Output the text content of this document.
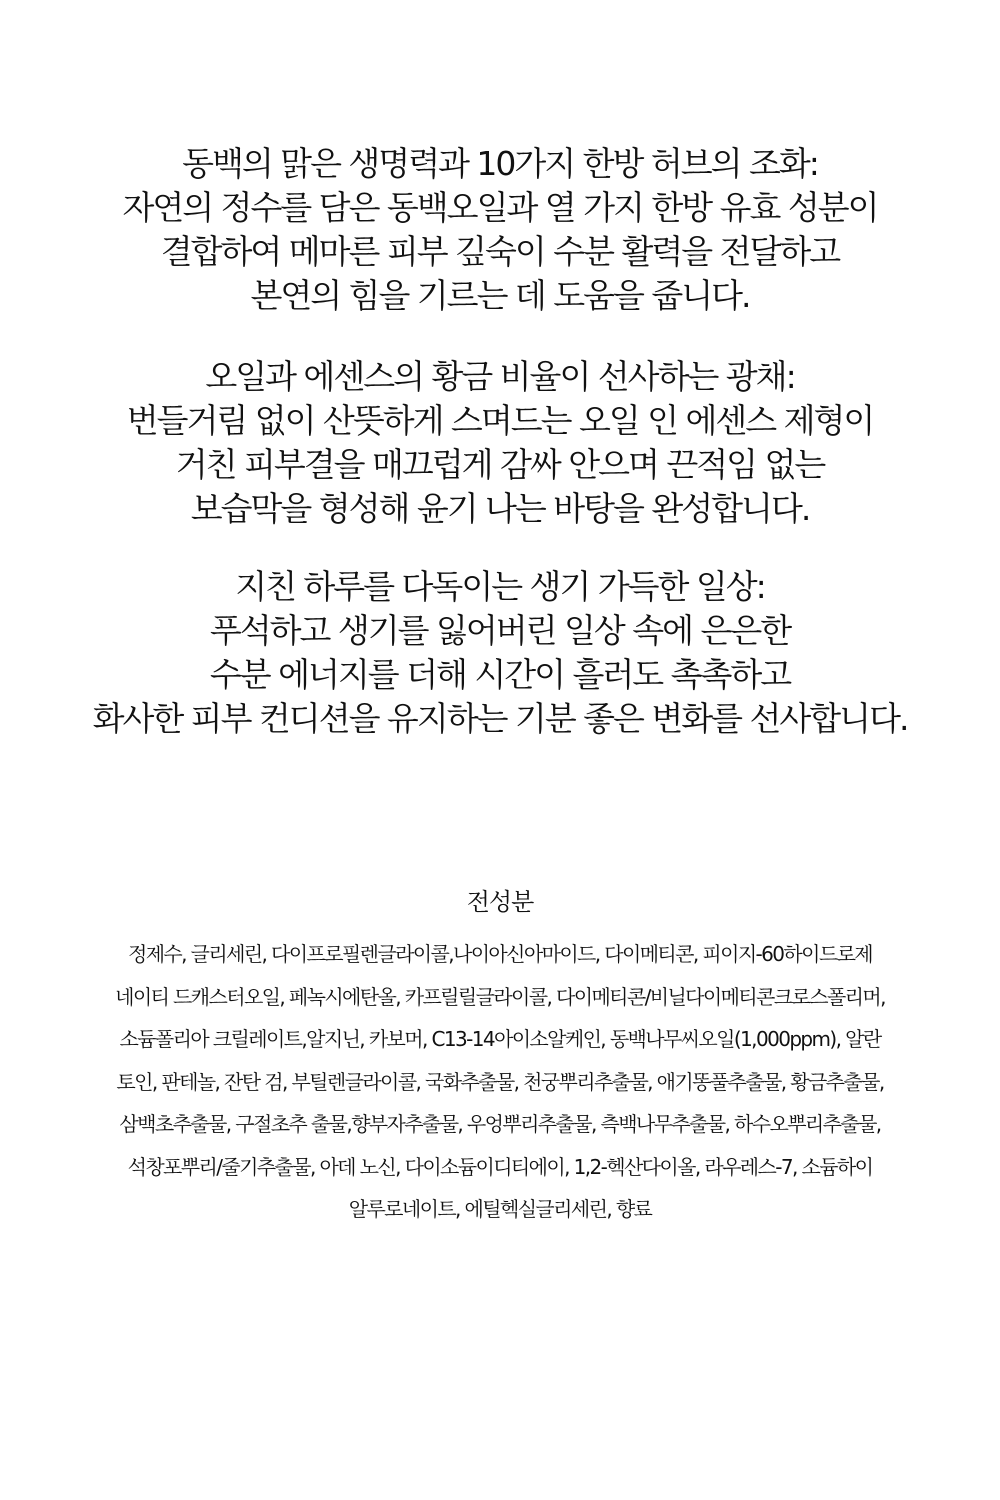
동백의 맑은 생명력과 10가지 한방 허브의 조화:
자연의 정수를 담은 동백오일과 열 가지 한방 유효 성분이
결합하여 메마른 피부 깊숙이 수분 활력을 전달하고
본연의 힘을 기르는 데 도움을 줍니다.
오일과 에센스의 황금 비율이 선사하는 광채:
번들거림 없이 산뜻하게 스며드는 오일 인 에센스 제형이
거친 피부결을 매끄럽게 감싸 안으며 끈적임 없는
보습막을 형성해 윤기 나는 바탕을 완성합니다.
지친 하루를 다독이는 생기 가득한 일상:
푸석하고 생기를 잃어버린 일상 속에 은은한
수분 에너지를 더해 시간이 흘러도 촉촉하고
화사한 피부 컨디션을 유지하는 기분 좋은 변화를 선사합니다.
전성분
정제수, 글리세린, 다이프로필렌글라이콜,나이아신아마이드, 다이메티콘, 피이지-60하이드로제
네이티 드캐스터오일, 페녹시에탄올, 카프릴릴글라이콜, 다이메티콘/비닐다이메티콘크로스폴리머,
소듐폴리아 크릴레이트,알지닌, 카보머, C13-14아이소알케인, 동백나무씨오일(1,000ppm), 알란
토인, 판테놀, 잔탄 검, 부틸렌글라이콜, 국화추출물, 천궁뿌리추출물, 애기똥풀추출물, 황금추출물,
삼백초추출물, 구절초추 출물,향부자추출물, 우엉뿌리추출물, 측백나무추출물, 하수오뿌리추출물,
석창포뿌리/줄기추출물, 아데 노신, 다이소듐이디티에이, 1,2-헥산다이올, 라우레스-7, 소듐하이
알루로네이트, 에틸헥실글리세린, 향료
